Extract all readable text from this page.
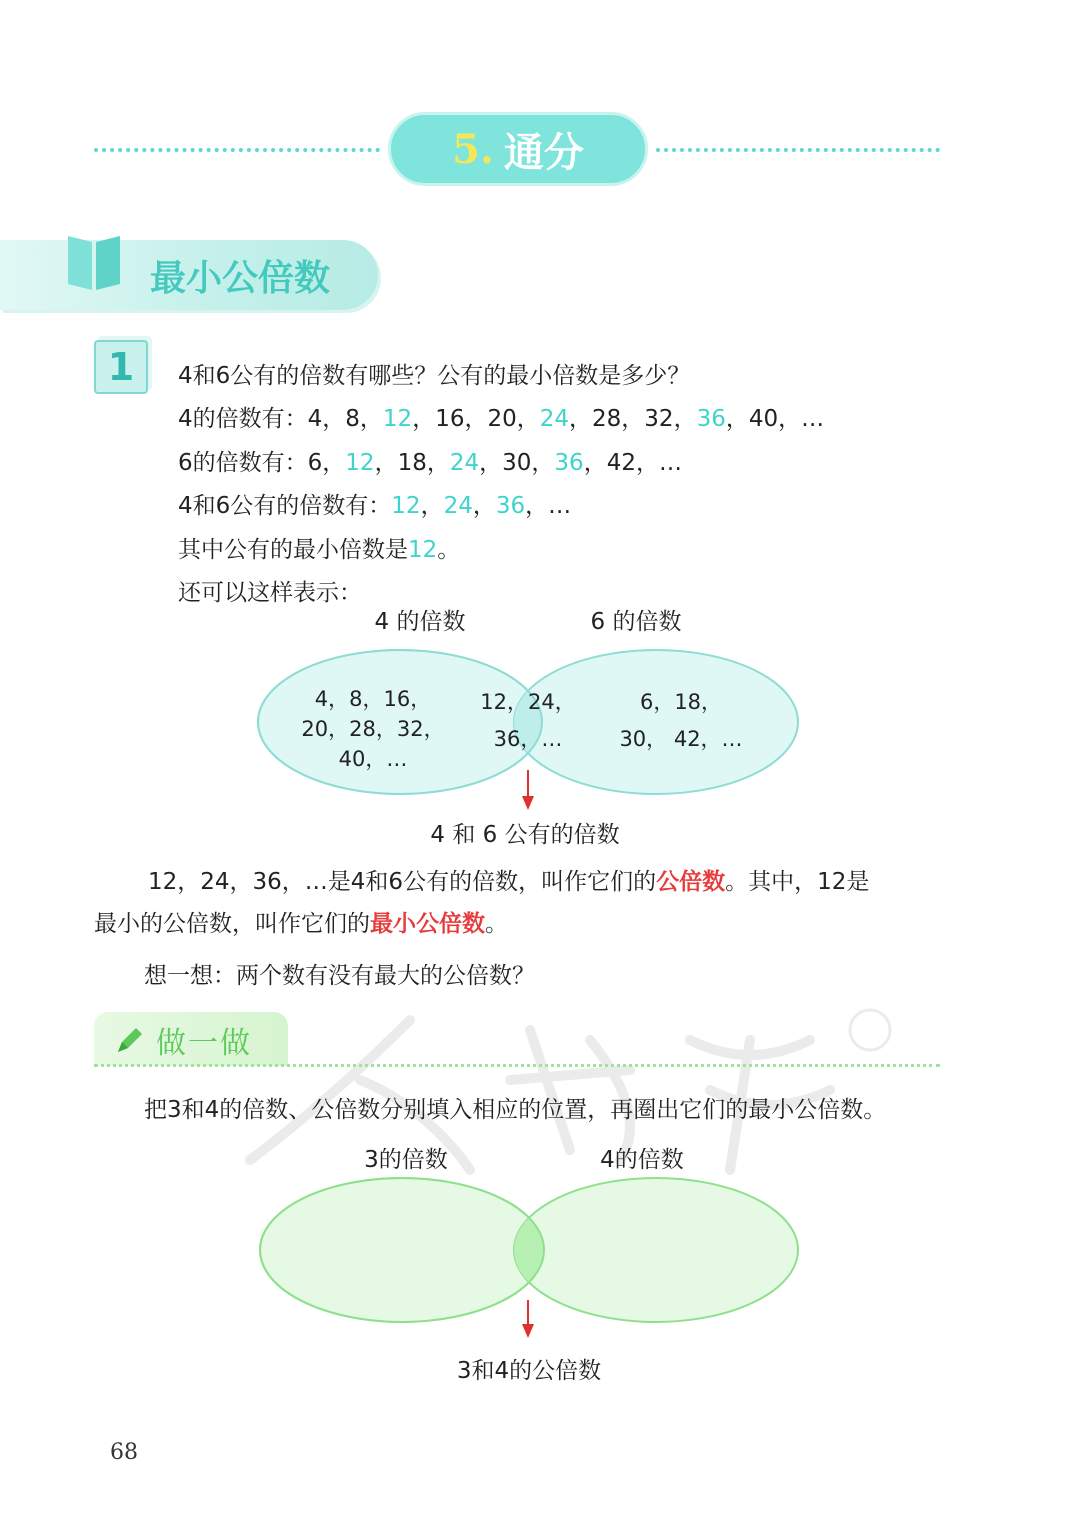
5. 通分
最小公倍数
1	4和6公有的倍数有哪些？公有的最小倍数是多少？
4的倍数有：4，8，12，16，20，24，28，32，36，40，…
6的倍数有：6，12，18，24，30，36，42，…
4和6公有的倍数有：12，24，36，…
其中公有的最小倍数是12。
还可以这样表示：
4 的倍数	6 的倍数
4，8，16，
20，28，32，
40，…
12，24，
36，…
6，18，
30， 42，…
4 和 6 公有的倍数
12，24，36，…是4和6公有的倍数，叫作它们的公倍数。其中，12是
最小的公倍数，叫作它们的最小公倍数。
想一想：两个数有没有最大的公倍数？
做一做
把3和4的倍数、公倍数分别填入相应的位置，再圈出它们的最小公倍数。
3的倍数	4的倍数
3和4的公倍数
68
